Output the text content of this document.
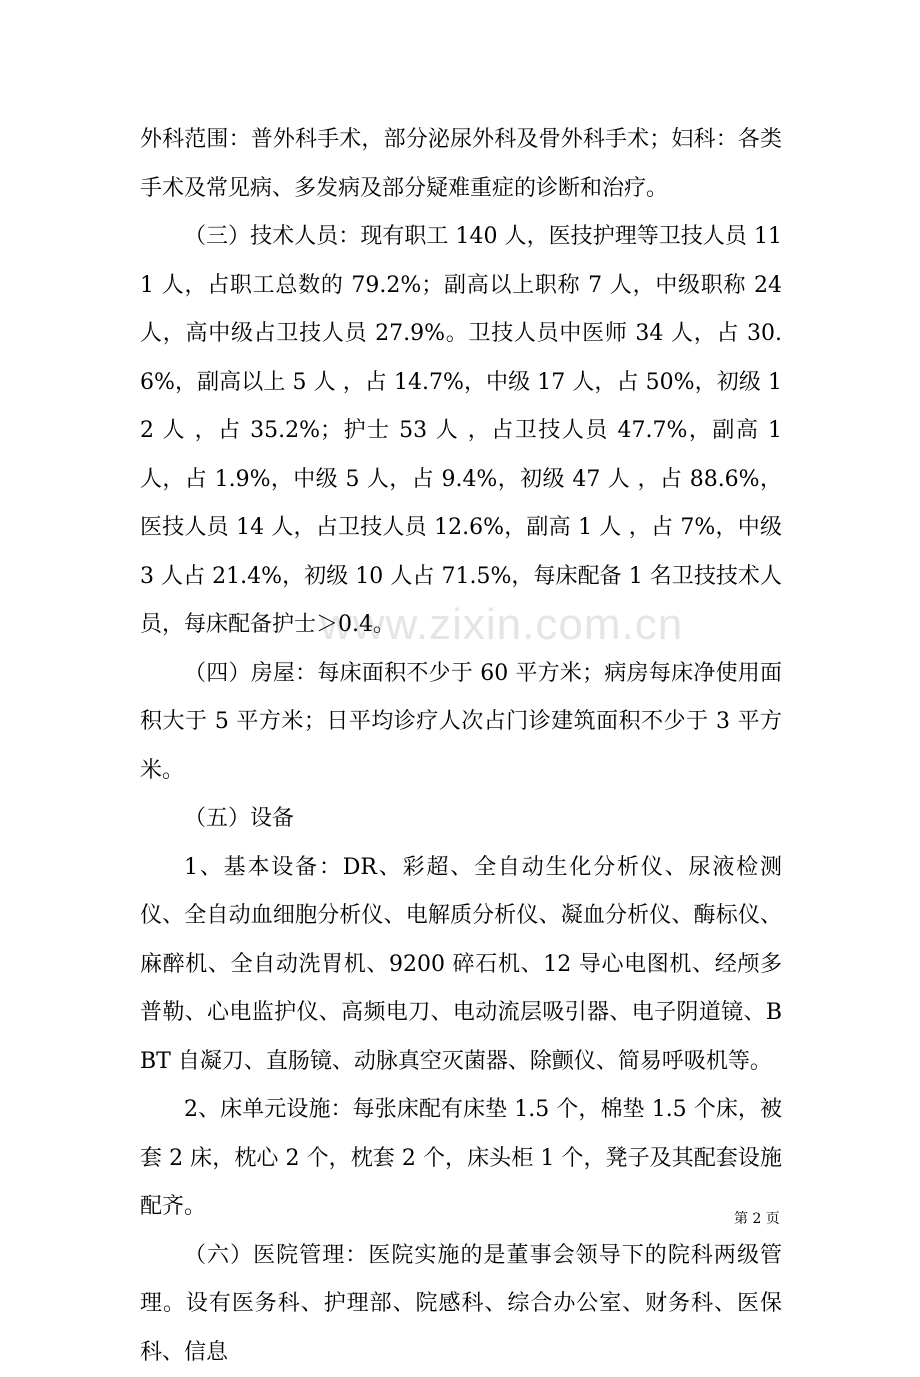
www.zixin.com.cn

外科范围：普外科手术，部分泌尿外科及骨外科手术；妇科：各类手术及常见病、多发病及部分疑难重症的诊断和治疗。

（三）技术人员：现有职工 140 人，医技护理等卫技人员 111 人，占职工总数的 79.2%；副高以上职称 7 人，中级职称 24 人，高中级占卫技人员 27.9%。卫技人员中医师 34 人，占 30.6%，副高以上 5 人 ，占 14.7%，中级 17 人，占 50%，初级 12 人 ，占 35.2%；护士 53 人 ，占卫技人员 47.7%，副高 1 人，占 1.9%，中级 5 人，占 9.4%，初级 47 人 ，占 88.6%，医技人员 14 人，占卫技人员 12.6%，副高 1 人 ，占 7%，中级 3 人占 21.4%，初级 10 人占 71.5%，每床配备 1 名卫技技术人员，每床配备护士＞0.4。

（四）房屋：每床面积不少于 60 平方米；病房每床净使用面积大于 5 平方米；日平均诊疗人次占门诊建筑面积不少于 3 平方米。

（五）设备

1、基本设备：DR、彩超、全自动生化分析仪、尿液检测仪、全自动血细胞分析仪、电解质分析仪、凝血分析仪、酶标仪、麻醉机、全自动洗胃机、9200 碎石机、12 导心电图机、经颅多普勒、心电监护仪、高频电刀、电动流层吸引器、电子阴道镜、BBT 自凝刀、直肠镜、动脉真空灭菌器、除颤仪、简易呼吸机等。

2、床单元设施：每张床配有床垫 1.5 个，棉垫 1.5 个床，被套 2 床，枕心 2 个，枕套 2 个，床头柜 1 个，凳子及其配套设施配齐。

（六）医院管理：医院实施的是董事会领导下的院科两级管理。设有医务科、护理部、院感科、综合办公室、财务科、医保科、信息

第 2 页
